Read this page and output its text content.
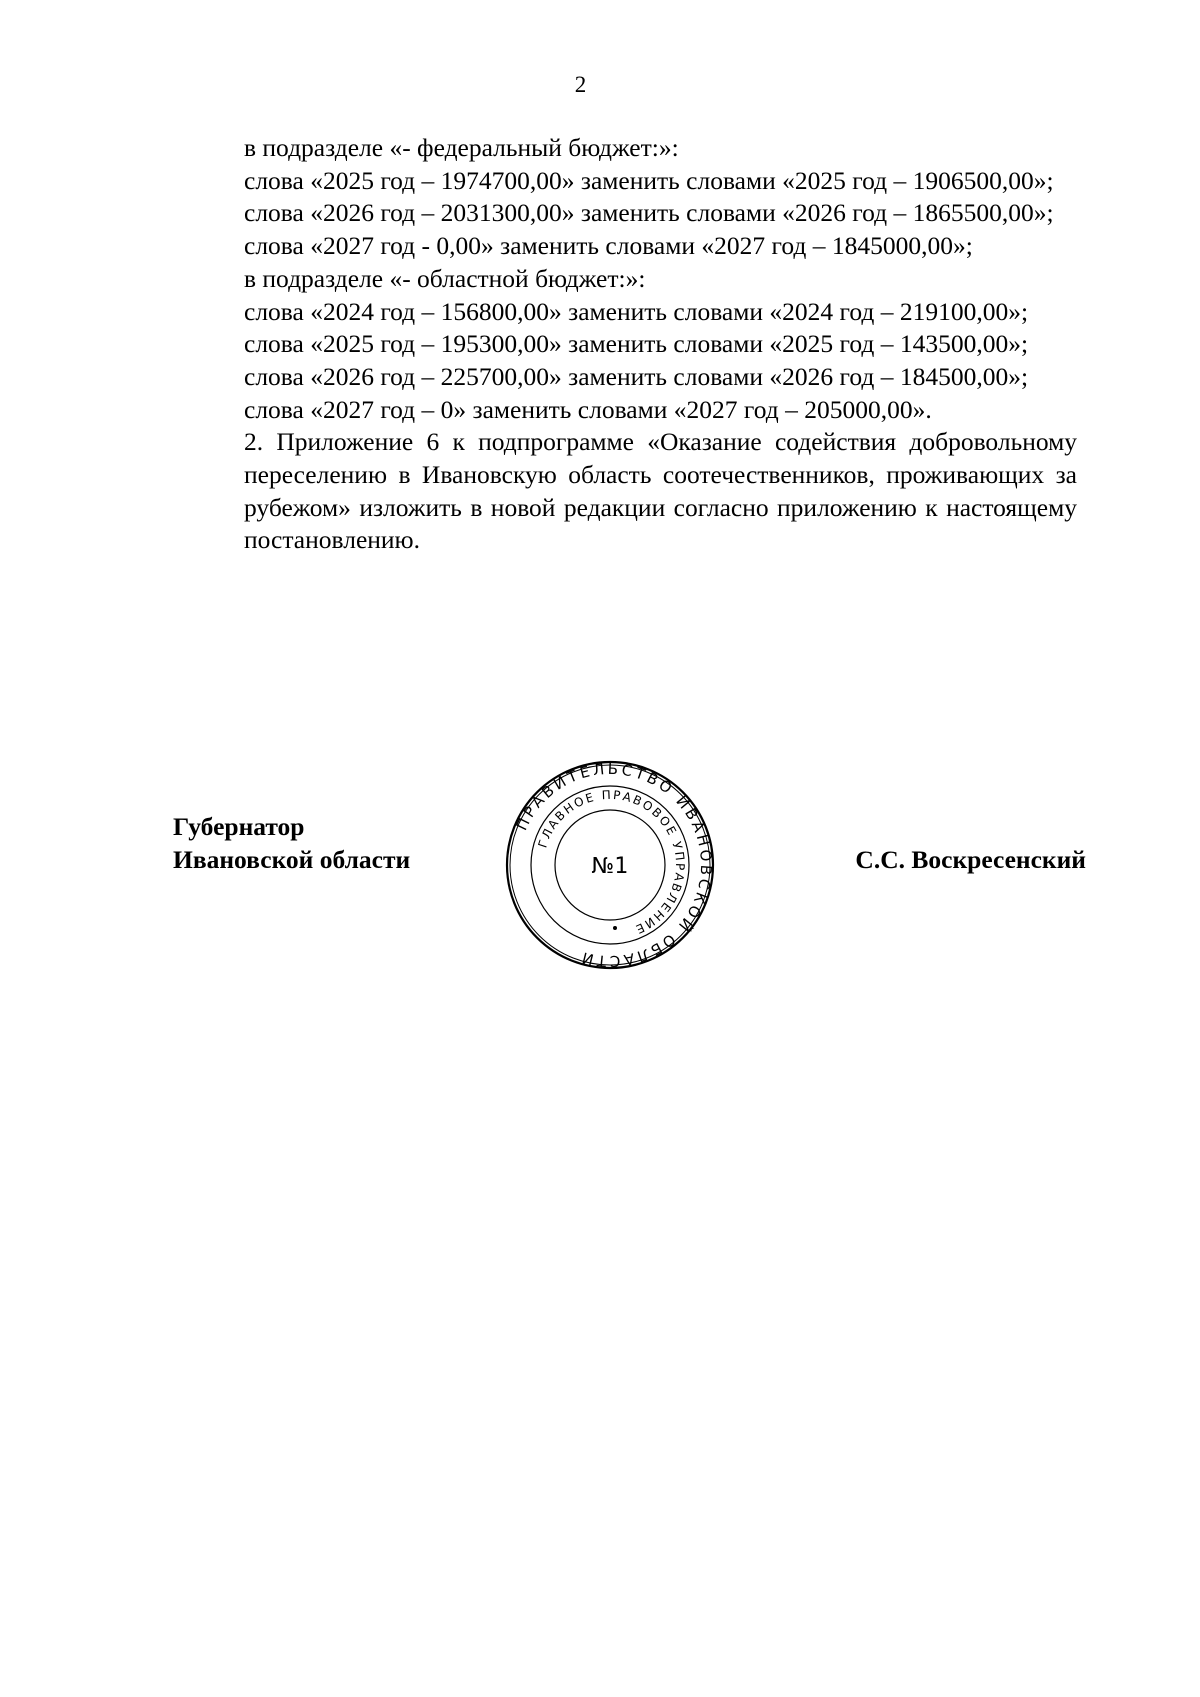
2

в подразделе «- федеральный бюджет:»:

слова «2025 год – 1974700,00» заменить словами «2025 год – 1906500,00»;

слова «2026 год – 2031300,00» заменить словами «2026 год – 1865500,00»;

слова «2027 год - 0,00» заменить словами «2027 год – 1845000,00»;

в подразделе «- областной бюджет:»:

слова «2024 год – 156800,00» заменить словами «2024 год – 219100,00»;

слова «2025 год – 195300,00» заменить словами «2025 год – 143500,00»;

слова «2026 год – 225700,00» заменить словами «2026 год – 184500,00»;

слова «2027 год – 0» заменить словами «2027 год – 205000,00».

2. Приложение 6 к подпрограмме «Оказание содействия добровольному переселению в Ивановскую область соотечественников, проживающих за рубежом» изложить в новой редакции согласно приложению к настоящему постановлению.

Губернатор
Ивановской области	С.С. Воскресенский
ПРАВИТЕЛЬСТВО ИВАНОВСКОЙ ОБЛАСТИ
ГЛАВНОЕ ПРАВОВОЕ УПРАВЛЕНИЕ
№1
